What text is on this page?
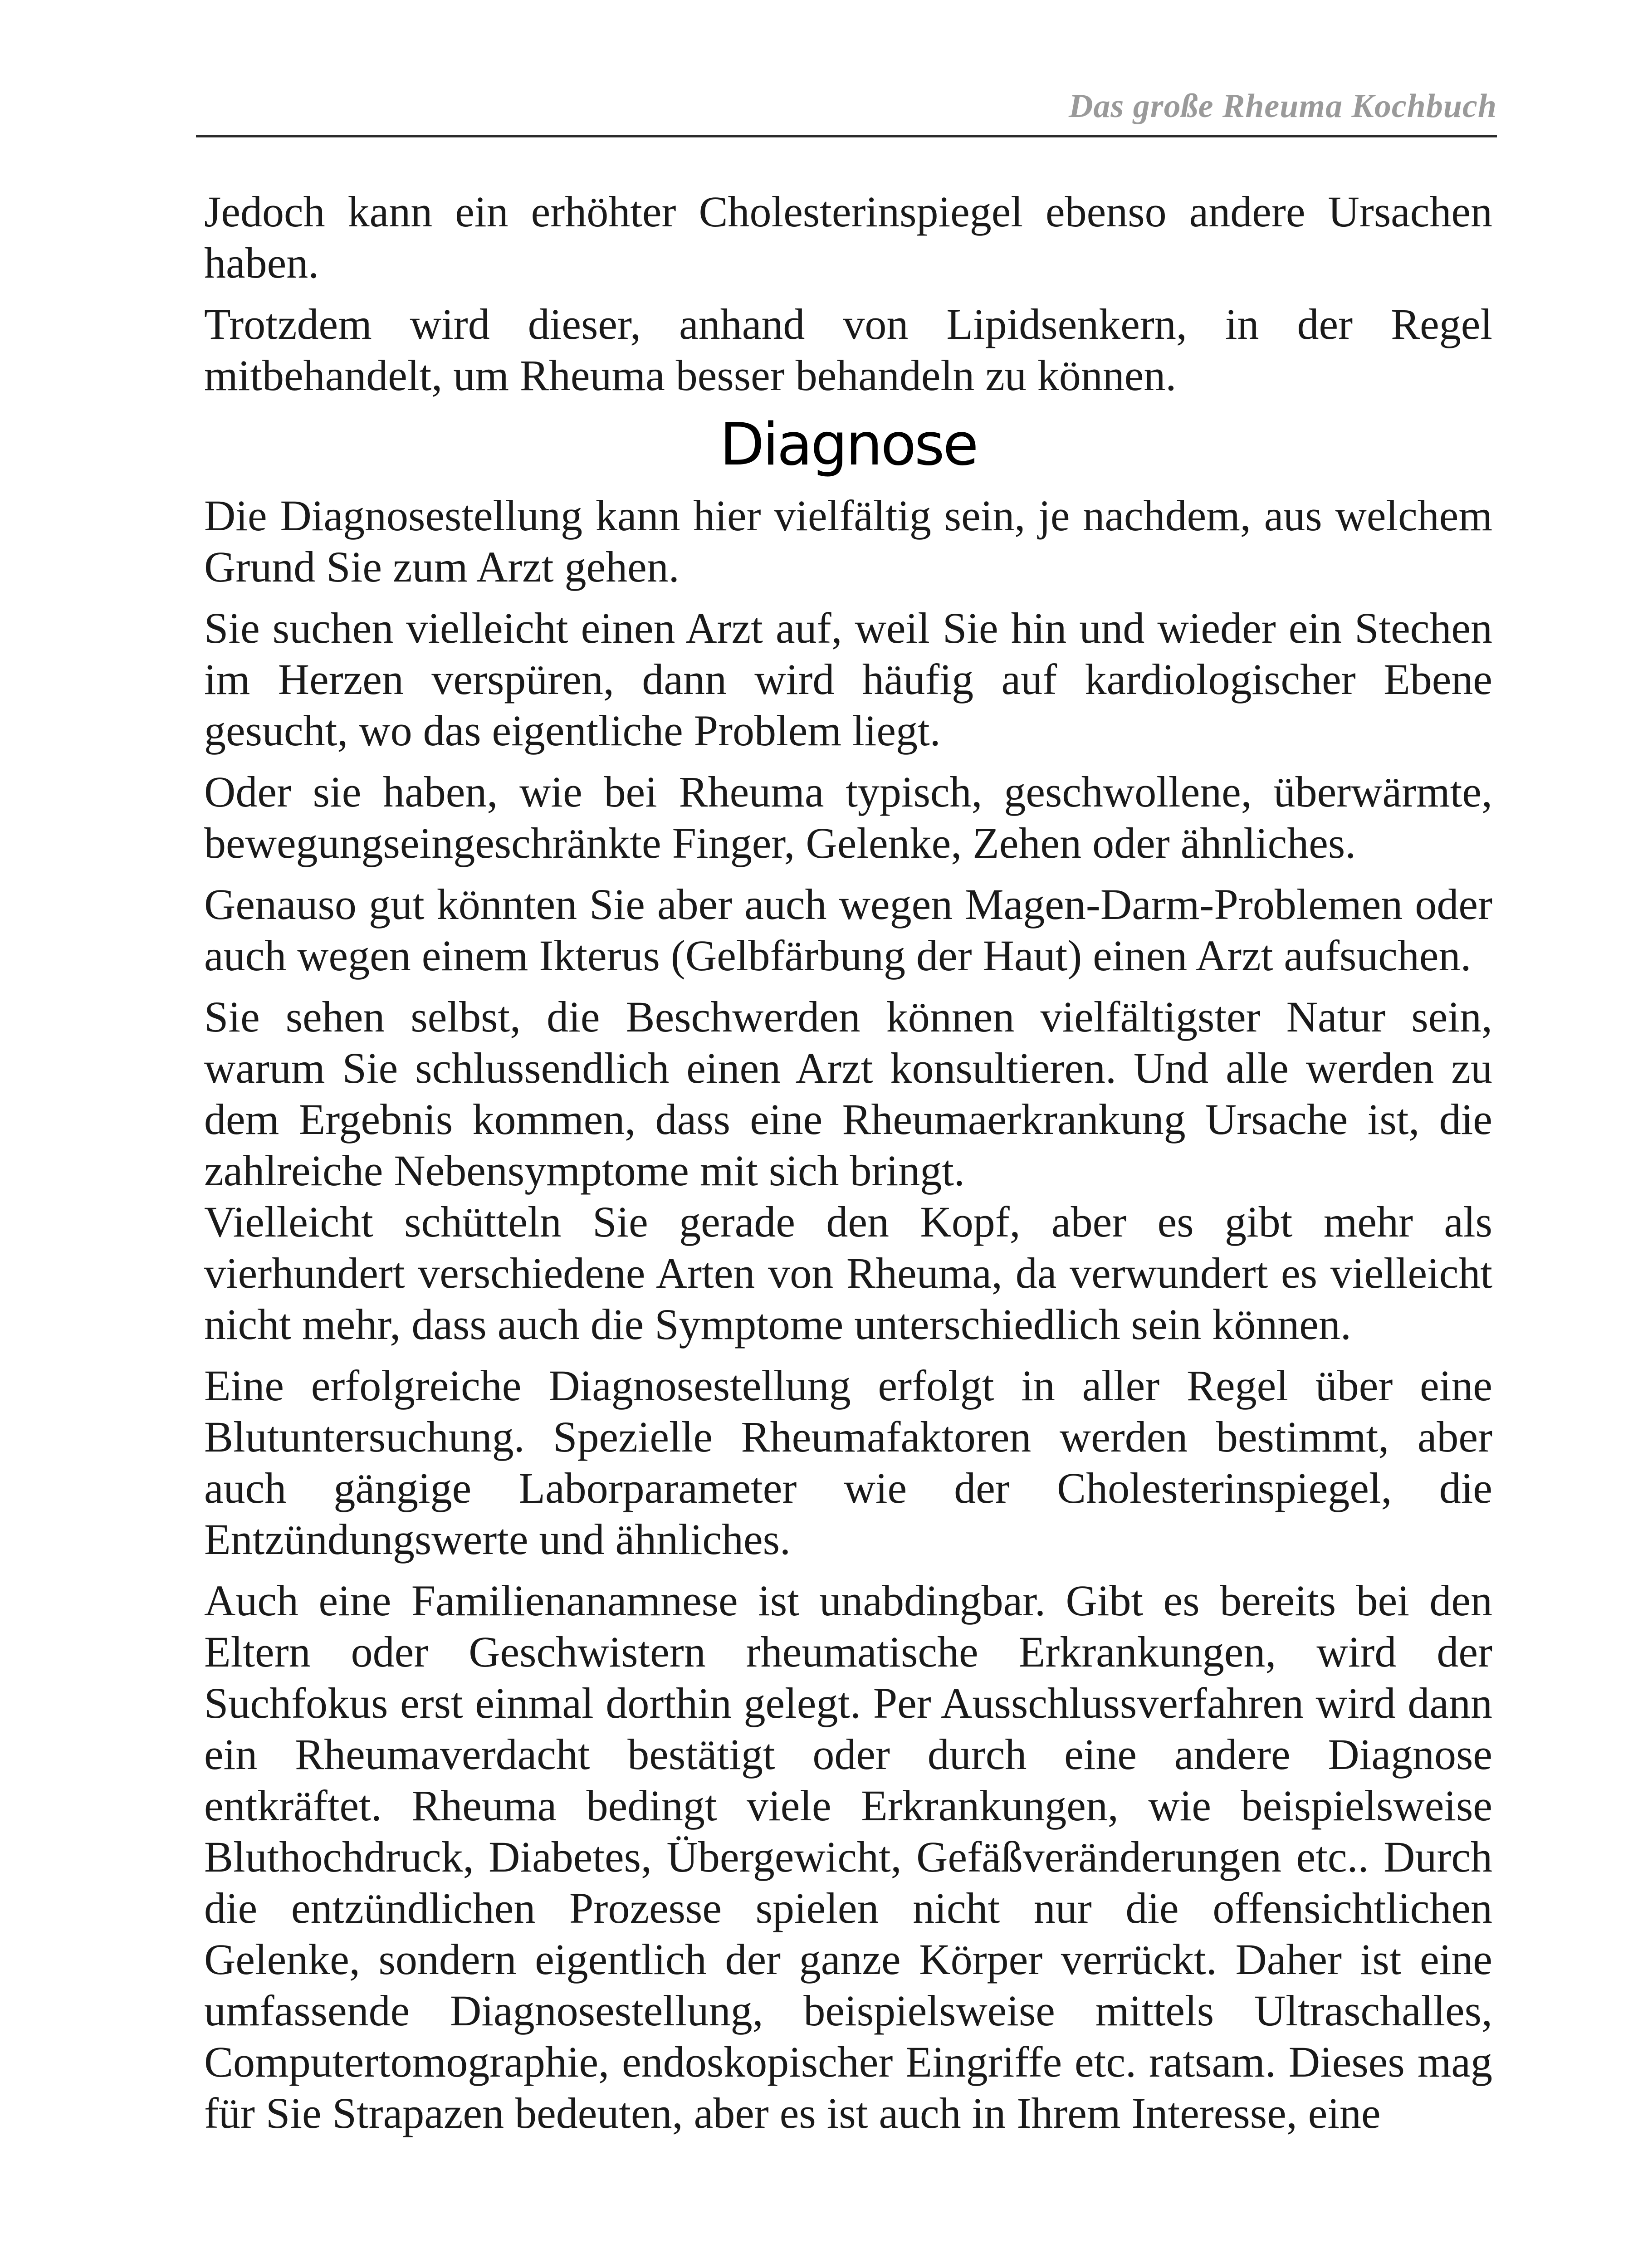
Das große Rheuma Kochbuch

Jedoch kann ein erhöhter Cholesterinspiegel ebenso andere Ursachen haben.

Trotzdem wird dieser, anhand von Lipidsenkern, in der Regel mitbehandelt, um Rheuma besser behandeln zu können.

Diagnose

Die Diagnosestellung kann hier vielfältig sein, je nachdem, aus welchem Grund Sie zum Arzt gehen.

Sie suchen vielleicht einen Arzt auf, weil Sie hin und wieder ein Stechen im Herzen verspüren, dann wird häufig auf kardiologischer Ebene gesucht, wo das eigentliche Problem liegt.

Oder sie haben, wie bei Rheuma typisch, geschwollene, überwärmte, bewegungseingeschränkte Finger, Gelenke, Zehen oder ähnliches.

Genauso gut könnten Sie aber auch wegen Magen-Darm-Problemen oder auch wegen einem Ikterus (Gelbfärbung der Haut) einen Arzt aufsuchen.

Sie sehen selbst, die Beschwerden können vielfältigster Natur sein, warum Sie schlussendlich einen Arzt konsultieren. Und alle werden zu dem Ergebnis kommen, dass eine Rheumaerkrankung Ursache ist, die zahlreiche Nebensymptome mit sich bringt.

Vielleicht schütteln Sie gerade den Kopf, aber es gibt mehr als vierhundert verschiedene Arten von Rheuma, da verwundert es vielleicht nicht mehr, dass auch die Symptome unterschiedlich sein können.

Eine erfolgreiche Diagnosestellung erfolgt in aller Regel über eine Blutuntersuchung. Spezielle Rheumafaktoren werden bestimmt, aber auch gängige Laborparameter wie der Cholesterinspiegel, die Entzündungswerte und ähnliches.

Auch eine Familienanamnese ist unabdingbar. Gibt es bereits bei den Eltern oder Geschwistern rheumatische Erkrankungen, wird der Suchfokus erst einmal dorthin gelegt. Per Ausschlussverfahren wird dann ein Rheumaverdacht bestätigt oder durch eine andere Diagnose entkräftet. Rheuma bedingt viele Erkrankungen, wie beispielsweise Bluthochdruck, Diabetes, Übergewicht, Gefäßveränderungen etc.. Durch die entzündlichen Prozesse spielen nicht nur die offensichtlichen Gelenke, sondern eigentlich der ganze Körper verrückt. Daher ist eine umfassende Diagnosestellung, beispielsweise mittels Ultraschalles, Computertomographie, endoskopischer Eingriffe etc. ratsam. Dieses mag für Sie Strapazen bedeuten, aber es ist auch in Ihrem Interesse, eine
